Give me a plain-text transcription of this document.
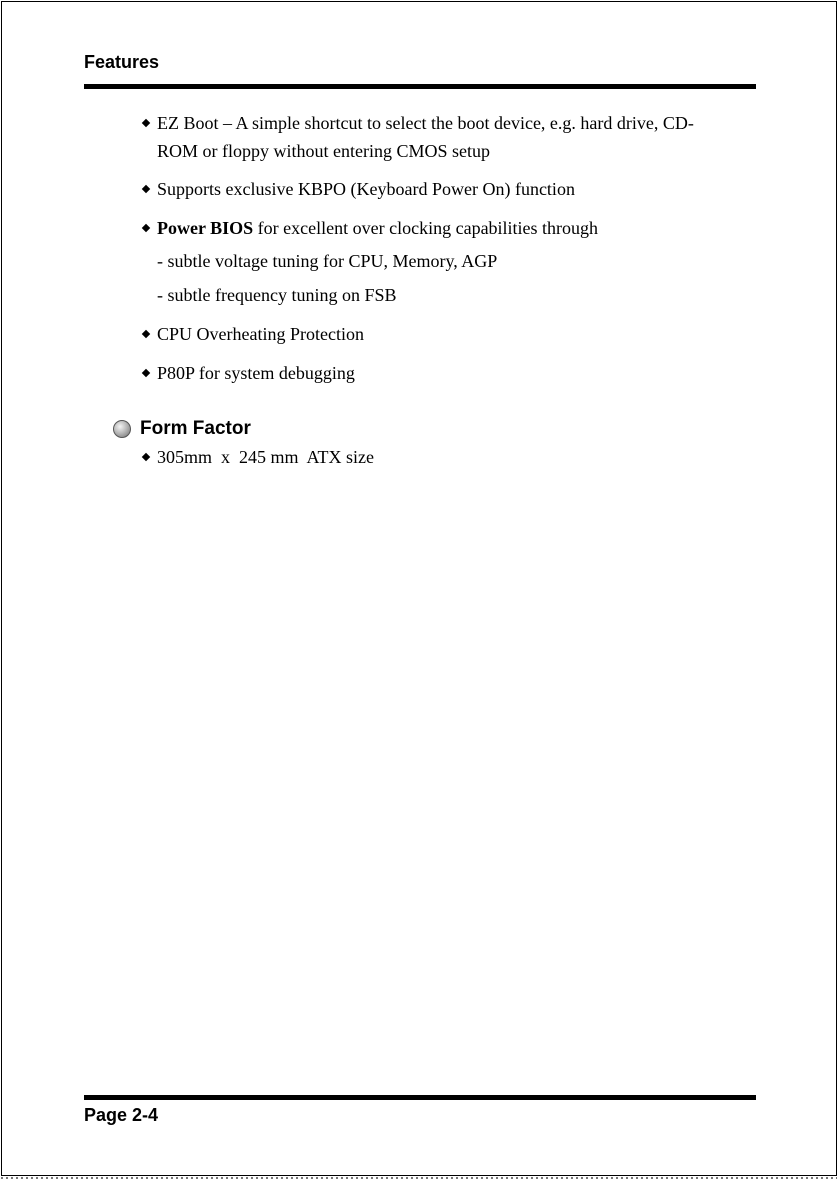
Features
EZ Boot – A simple shortcut to select the boot device, e.g. hard drive, CD-
ROM or floppy without entering CMOS setup
Supports exclusive KBPO (Keyboard Power On) function
Power BIOS for excellent over clocking capabilities through
- subtle voltage tuning for CPU, Memory, AGP
- subtle frequency tuning on FSB
CPU Overheating Protection
P80P for system debugging
Form Factor
305mm  x  245 mm  ATX size
Page 2-4
